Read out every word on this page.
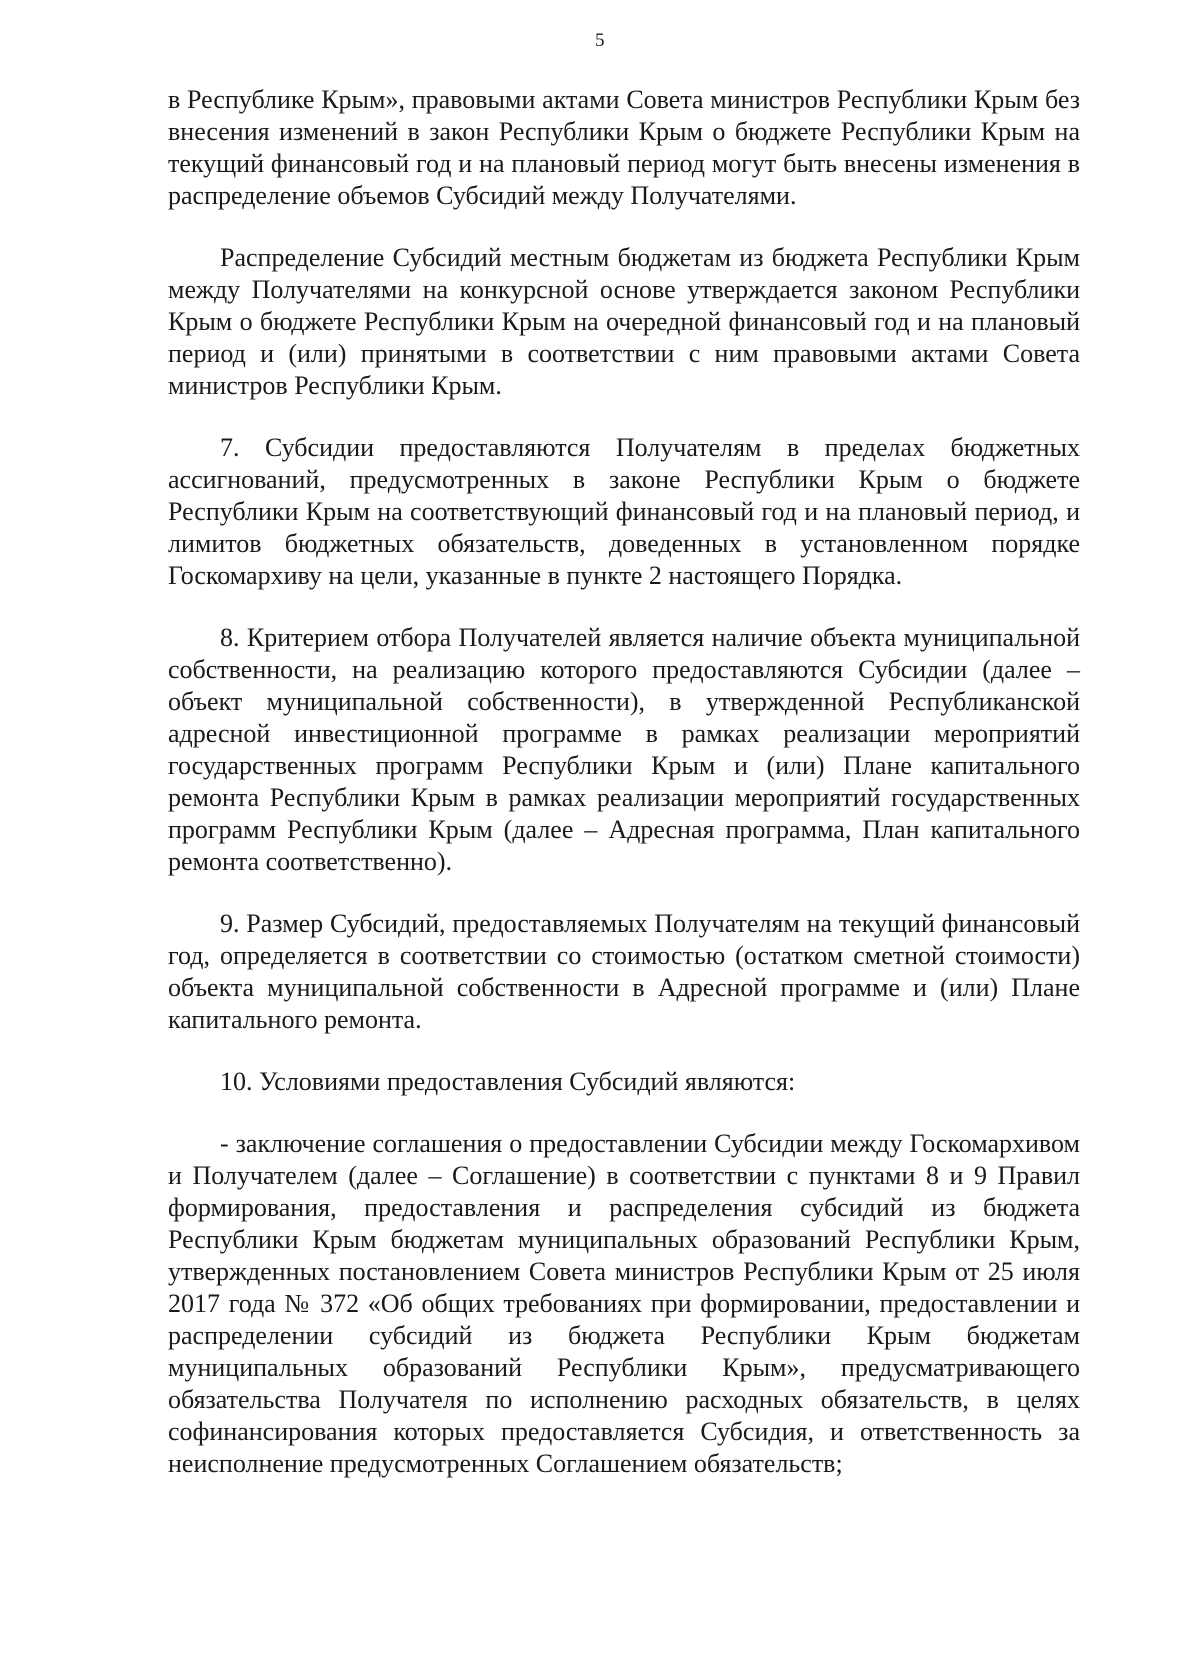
5

в Республике Крым», правовыми актами Совета министров Республики Крым без внесения изменений в закон Республики Крым о бюджете Республики Крым на текущий финансовый год и на плановый период могут быть внесены изменения в распределение объемов Субсидий между Получателями.

Распределение Субсидий местным бюджетам из бюджета Республики Крым между Получателями на конкурсной основе утверждается законом Республики Крым о бюджете Республики Крым на очередной финансовый год и на плановый период и (или) принятыми в соответствии с ним правовыми актами Совета министров Республики Крым.

7. Субсидии предоставляются Получателям в пределах бюджетных ассигнований, предусмотренных в законе Республики Крым о бюджете Республики Крым на соответствующий финансовый год и на плановый период, и лимитов бюджетных обязательств, доведенных в установленном порядке Госкомархиву на цели, указанные в пункте 2 настоящего Порядка.

8. Критерием отбора Получателей является наличие объекта муниципальной собственности, на реализацию которого предоставляются Субсидии (далее – объект муниципальной собственности), в утвержденной Республиканской адресной инвестиционной программе в рамках реализации мероприятий государственных программ Республики Крым и (или) Плане капитального ремонта Республики Крым в рамках реализации мероприятий государственных программ Республики Крым (далее – Адресная программа, План капитального ремонта соответственно).

9. Размер Субсидий, предоставляемых Получателям на текущий финансовый год, определяется в соответствии со стоимостью (остатком сметной стоимости) объекта муниципальной собственности в Адресной программе и (или) Плане капитального ремонта.

10. Условиями предоставления Субсидий являются:

- заключение соглашения о предоставлении Субсидии между Госкомархивом и Получателем (далее – Соглашение) в соответствии с пунктами 8 и 9 Правил формирования, предоставления и распределения субсидий из бюджета Республики Крым бюджетам муниципальных образований Республики Крым, утвержденных постановлением Совета министров Республики Крым от 25 июля 2017 года № 372 «Об общих требованиях при формировании, предоставлении и распределении субсидий из бюджета Республики Крым бюджетам муниципальных образований Республики Крым», предусматривающего обязательства Получателя по исполнению расходных обязательств, в целях софинансирования которых предоставляется Субсидия, и ответственность за неисполнение предусмотренных Соглашением обязательств;
